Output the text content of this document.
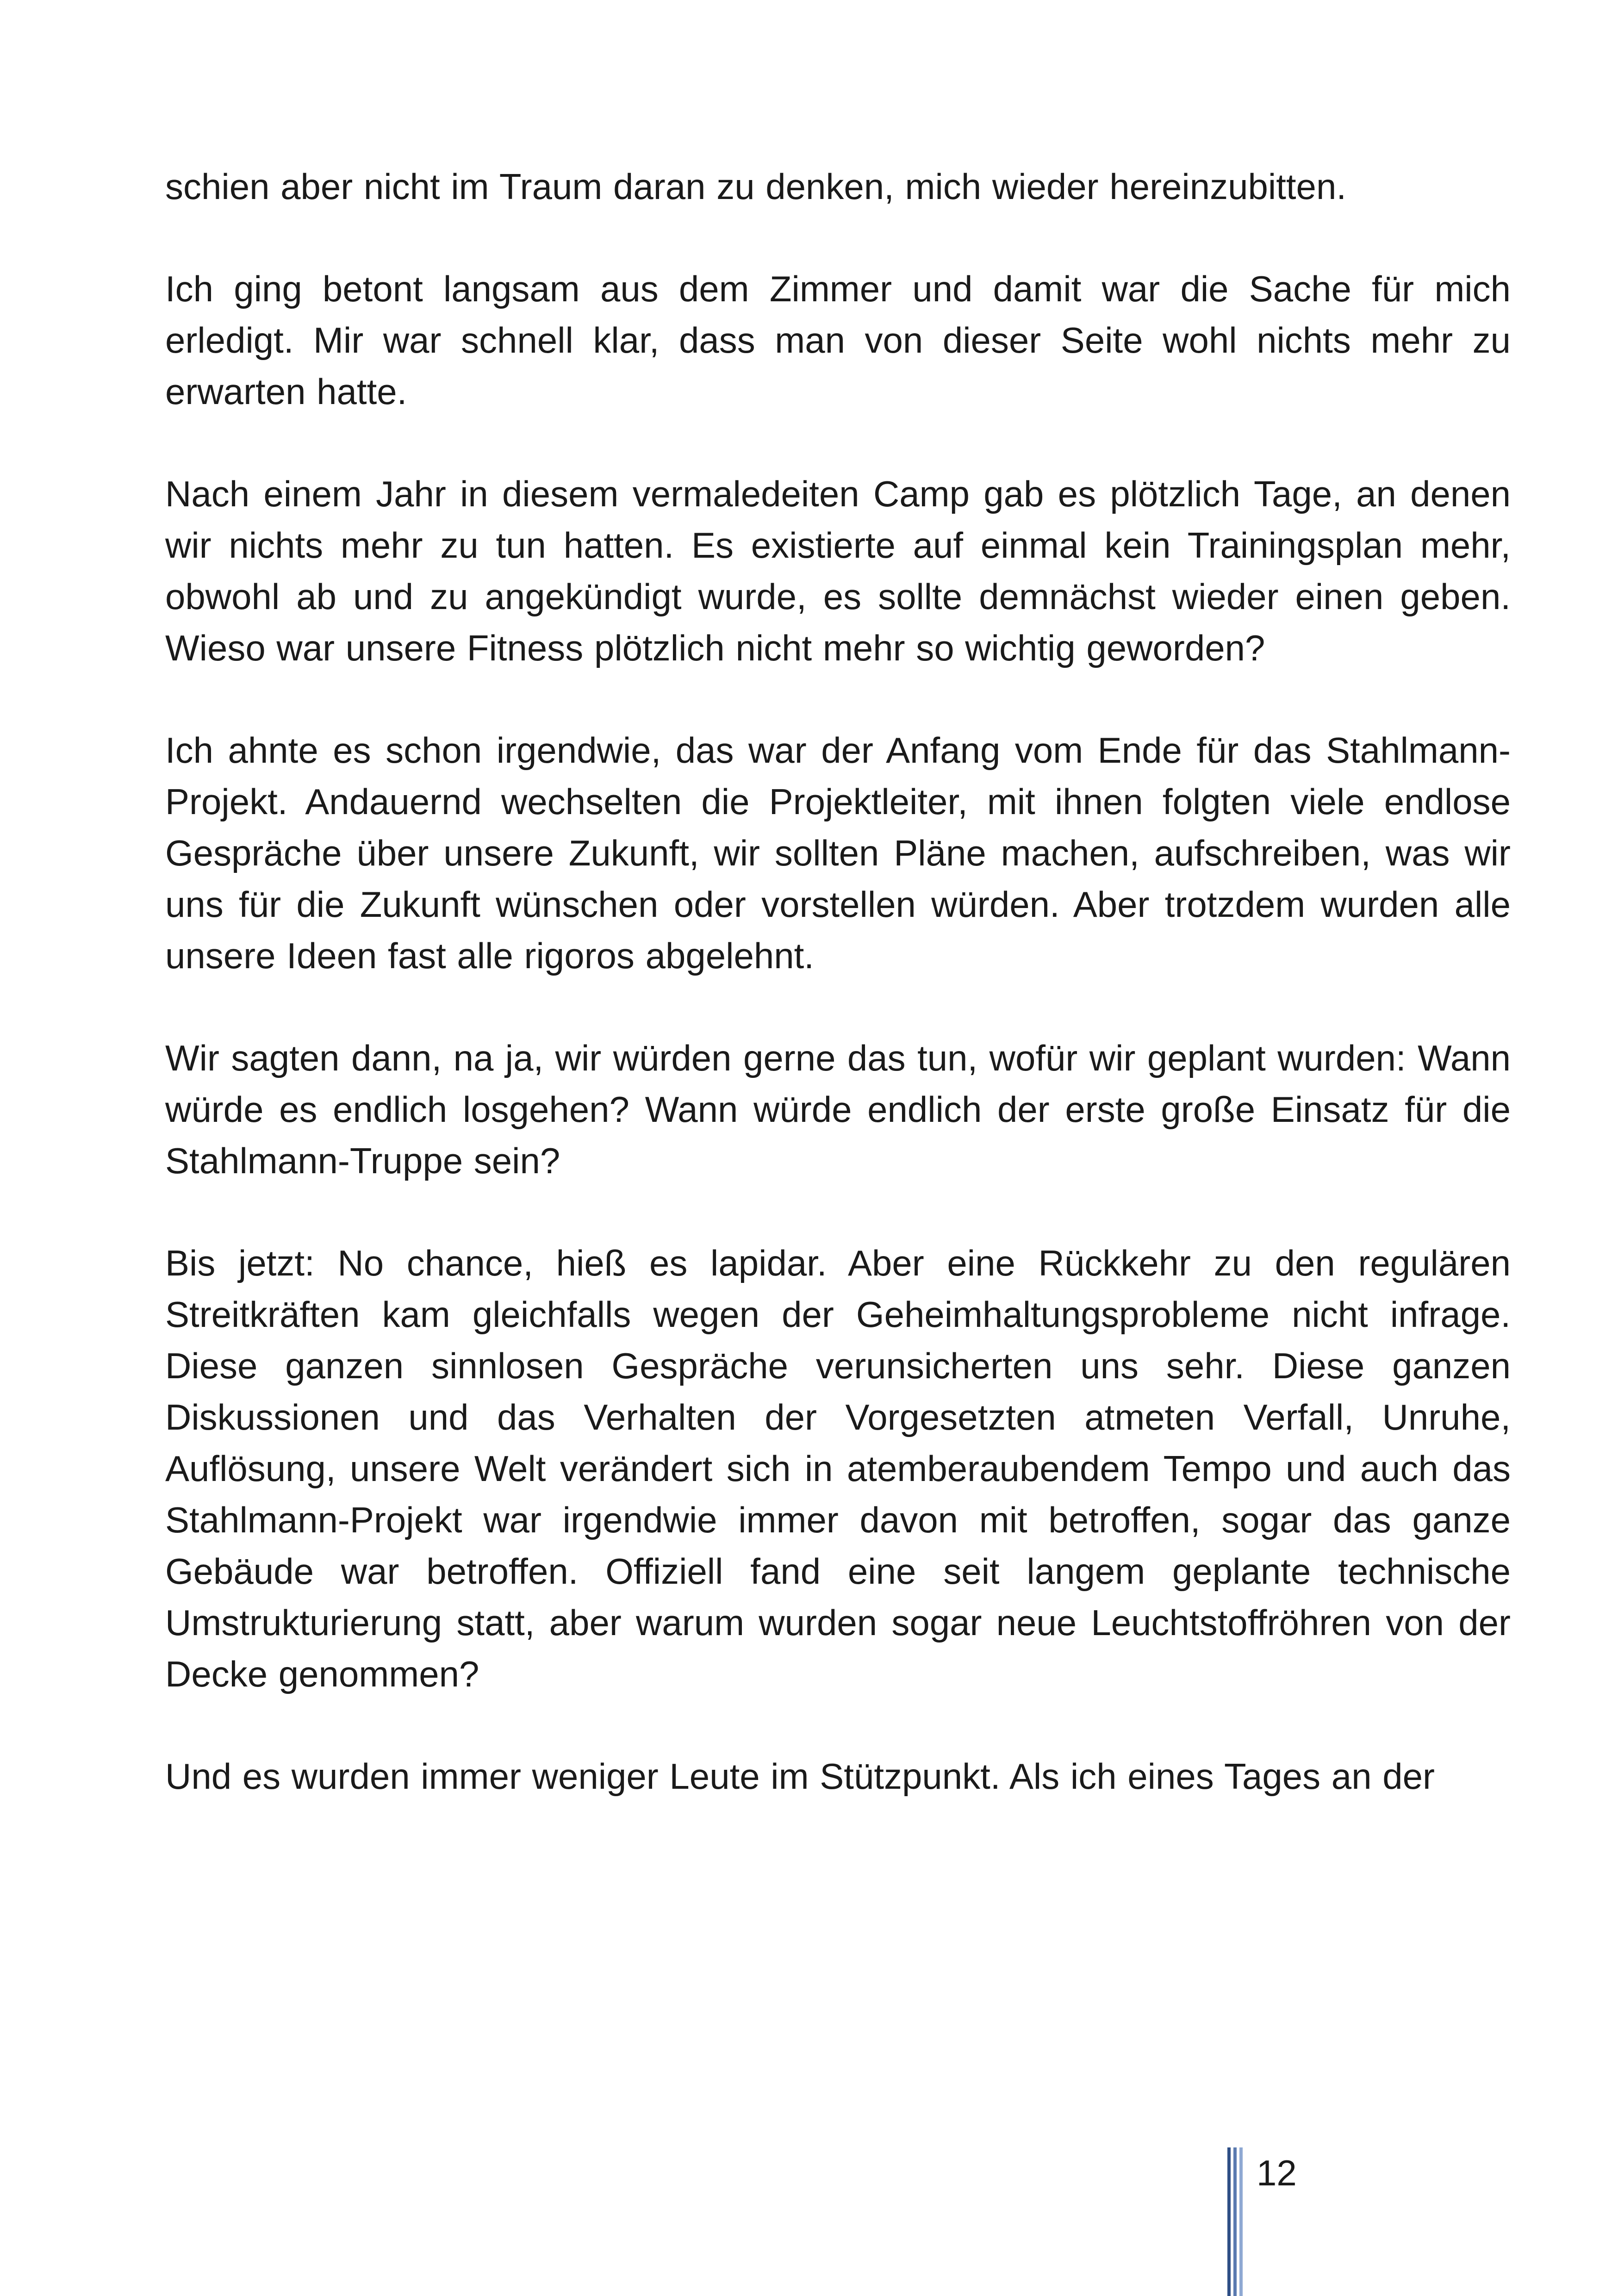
schien aber nicht im Traum daran zu denken, mich wieder hereinzubitten.

Ich ging betont langsam aus dem Zimmer und damit war die Sache für mich erledigt. Mir war schnell klar, dass man von dieser Seite wohl nichts mehr zu erwarten hatte.

Nach einem Jahr in diesem vermaledeiten Camp gab es plötzlich Tage, an denen wir nichts mehr zu tun hatten. Es existierte auf einmal kein Trainingsplan mehr, obwohl ab und zu angekündigt wurde, es sollte demnächst wieder einen geben. Wieso war unsere Fitness plötzlich nicht mehr so wichtig geworden?

Ich ahnte es schon irgendwie, das war der Anfang vom Ende für das Stahlmann-Projekt. Andauernd wechselten die Projektleiter, mit ihnen folgten viele endlose Gespräche über unsere Zukunft, wir sollten Pläne machen, aufschreiben, was wir uns für die Zukunft wünschen oder vorstellen würden. Aber trotzdem wurden alle unsere Ideen fast alle rigoros abgelehnt.

Wir sagten dann, na ja, wir würden gerne das tun, wofür wir geplant wurden: Wann würde es endlich losgehen? Wann würde endlich der erste große Einsatz für die Stahlmann-Truppe sein?

Bis jetzt: No chance, hieß es lapidar. Aber eine Rückkehr zu den regulären Streitkräften kam gleichfalls wegen der Geheimhaltungsprobleme nicht infrage. Diese ganzen sinnlosen Gespräche verunsicherten uns sehr. Diese ganzen Diskussionen und das Verhalten der Vorgesetzten atmeten Verfall, Unruhe, Auflösung, unsere Welt verändert sich in atemberaubendem Tempo und auch das Stahlmann-Projekt war irgendwie immer davon mit betroffen, sogar das ganze Gebäude war betroffen. Offiziell fand eine seit langem geplante technische Umstrukturierung statt, aber warum wurden sogar neue Leuchtstoffröhren von der Decke genommen?

Und es wurden immer weniger Leute im Stützpunkt. Als ich eines Tages an der

12
